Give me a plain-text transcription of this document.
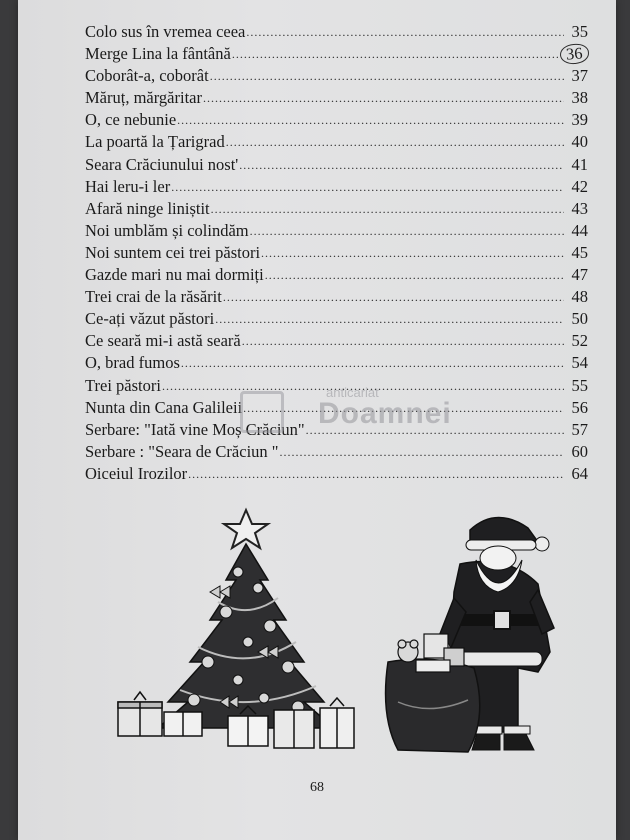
Colo sus în vremea ceea .....	35
Merge Lina la fântână .....	36
Coborât-a, coborât .....	37
Măruț, mărgăritar .....	38
O, ce nebunie .....	39
La poartă la Țarigrad .....	40
Seara Crăciunului nost' .....	41
Hai leru-i ler .....	42
Afară ninge liniștit .....	43
Noi umblăm și colindăm .....	44
Noi suntem cei trei păstori .....	45
Gazde mari nu mai dormiți .....	47
Trei crai de la răsărit .....	48
Ce-ați văzut păstori .....	50
Ce seară mi-i astă seară .....	52
O, brad fumos .....	54
Trei păstori .....	55
Nunta din Cana Galileii .....	56
Serbare: "Iată vine Moș Crăciun" .....	57
Serbare : "Seara de Crăciun " .....	60
Oiceiul Irozilor .....	64
anticariat
Doamnei
68
